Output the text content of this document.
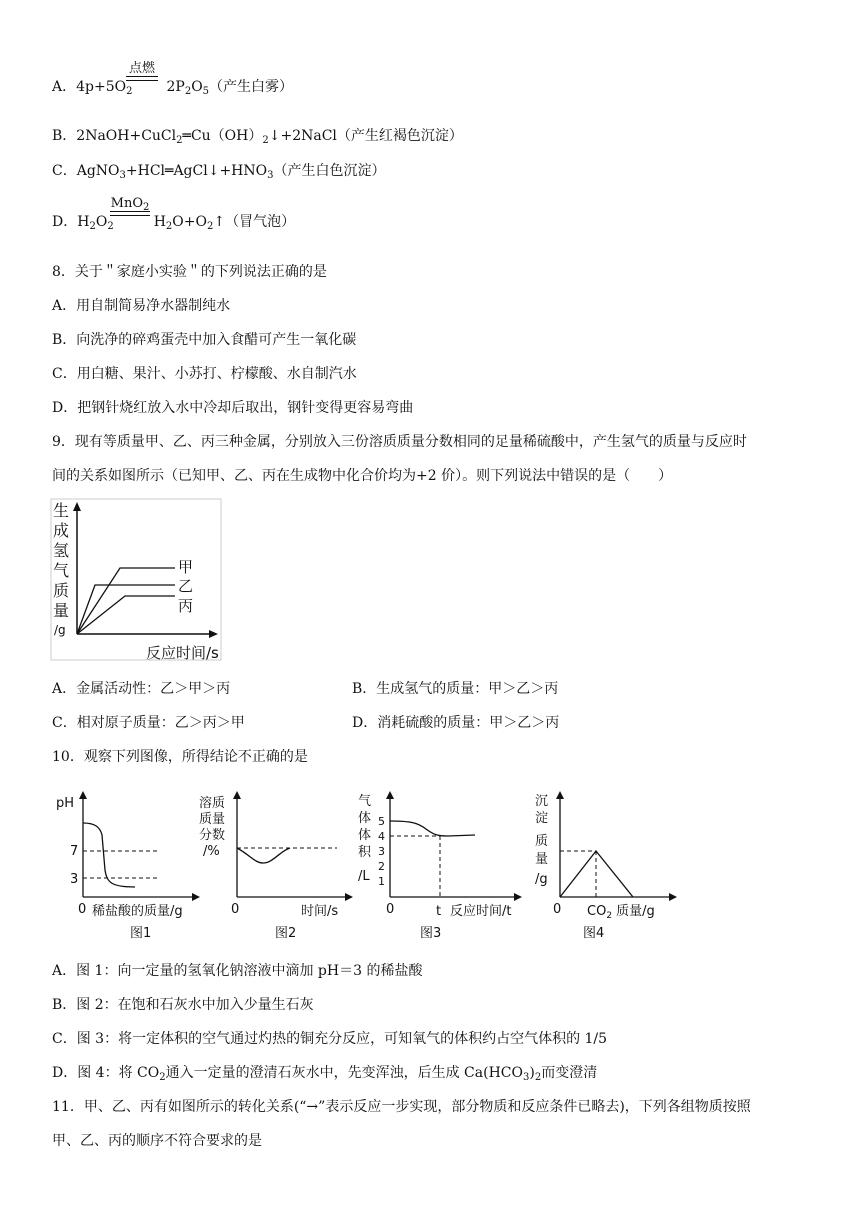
A．$4p+5O_2$ $2P_2O_5$（产生白雾）
点燃
B．$2NaOH+CuCl_2═Cu(OH)_2↓+2NaCl$（产生红褐色沉淀）
C．$AgNO_3+HCl═AgCl↓+HNO_3$（产生白色沉淀）
D．$H_2O_2$	$H_2O+O_2↑$（冒气泡）
MnO$_2$
8．关于＂家庭小实验＂的下列说法正确的是
A．用自制简易净水器制纯水
B．向洗净的碎鸡蛋壳中加入食醋可产生一氧化碳
C．用白糖、果汁、小苏打、柠檬酸、水自制汽水
D．把钢针烧红放入水中冷却后取出，钢针变得更容易弯曲
9．现有等质量甲、乙、丙三种金属，分别放入三份溶质质量分数相同的足量稀硫酸中，产生氢气的质量与反应时
间的关系如图所示（已知甲、乙、丙在生成物中化合价均为+2 价）。则下列说法中错误的是（　　）
生
成
氢
气
质
量
/g
甲
乙
丙
反应时间/s
A．金属活动性：乙＞甲＞丙	B．生成氢气的质量：甲＞乙＞丙
C．相对原子质量：乙＞丙＞甲	D．消耗硫酸的质量：甲＞乙＞丙
10．观察下列图像，所得结论不正确的是
pH
7
3
0 稀盐酸的质量/g
图1
溶质
质量
分数
/%
0	时间/s
图2
气
体
体
积
/L
5
4
3
2
1
0	t 反应时间/t
图3
沉
淀
质
量
/g
0 $CO_2$ 质量/g
图4
A．图 1：向一定量的氢氧化钠溶液中滴加 pH＝3 的稀盐酸
B．图 2：在饱和石灰水中加入少量生石灰
C．图 3：将一定体积的空气通过灼热的铜充分反应，可知氧气的体积约占空气体积的 1/5
D．图 4：将 $CO_2$通入一定量的澄清石灰水中，先变浑浊，后生成 $Ca(HCO_3)_2$而变澄清
11．甲、乙、丙有如图所示的转化关系(“→”表示反应一步实现，部分物质和反应条件已略去)，下列各组物质按照
甲、乙、丙的顺序不符合要求的是
